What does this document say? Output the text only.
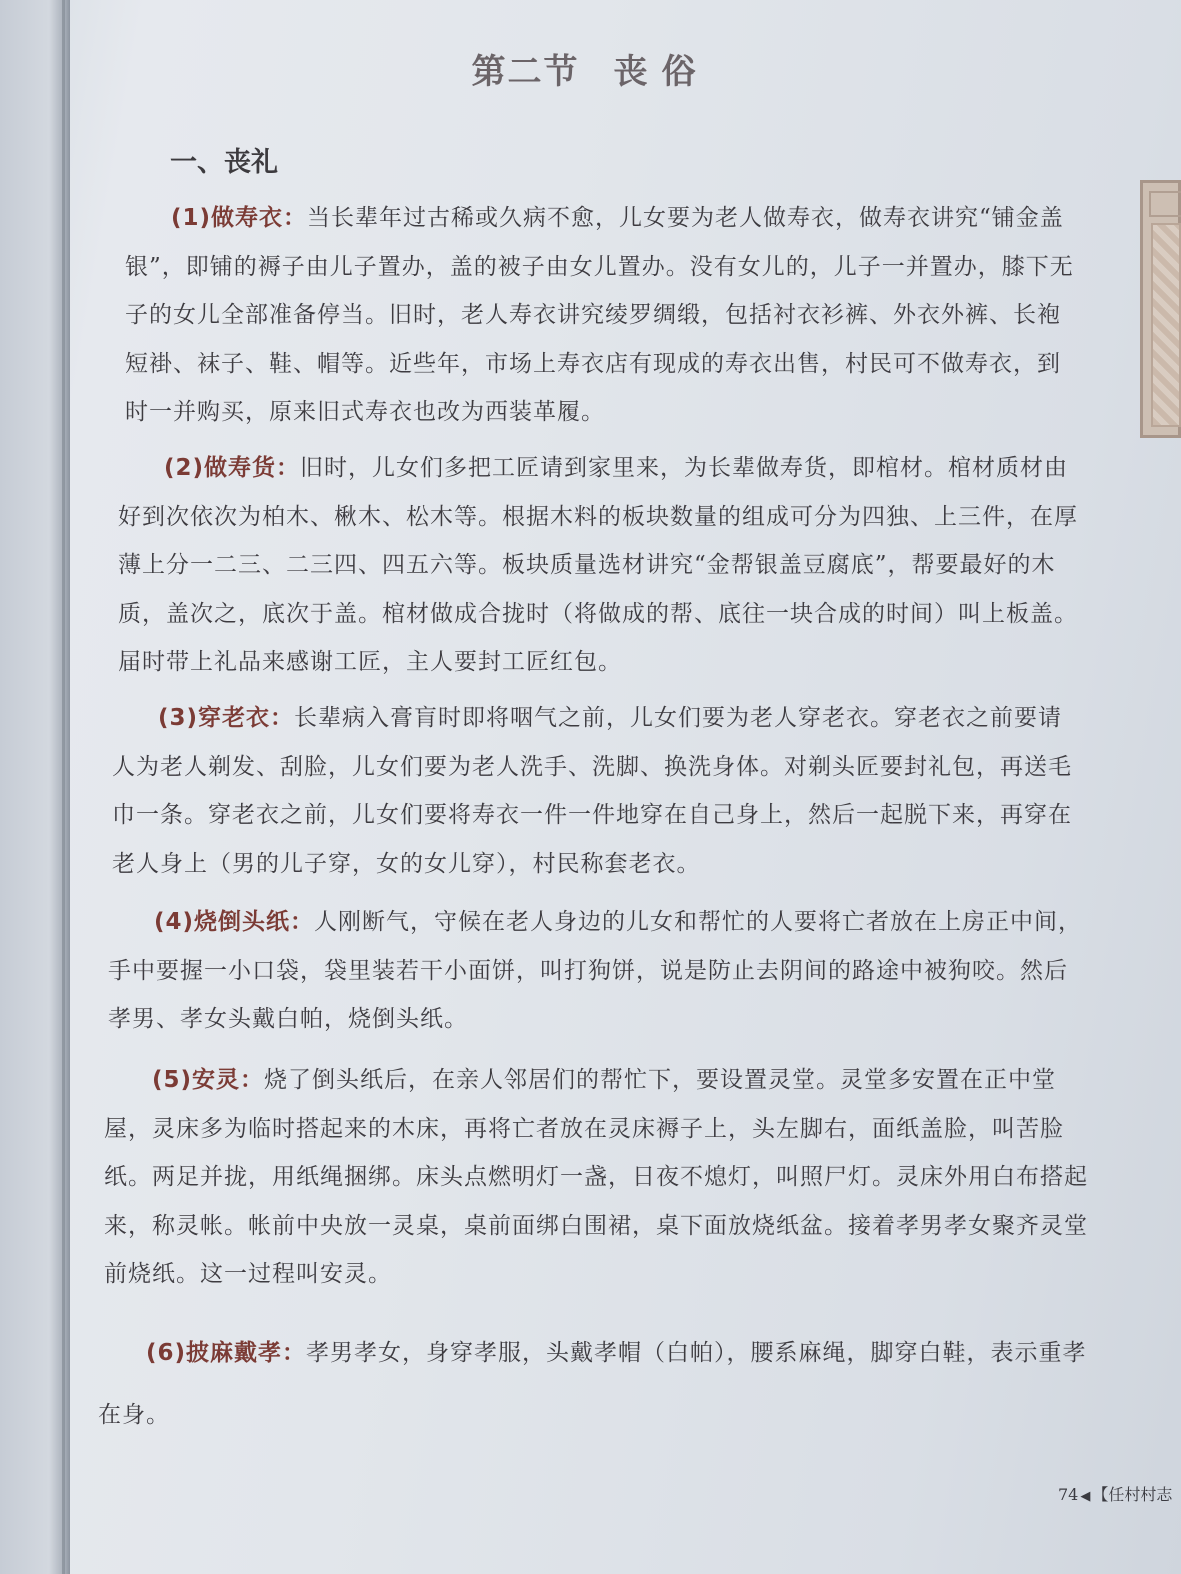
第二节 丧俗
一、丧礼
(1)做寿衣：当长辈年过古稀或久病不愈，儿女要为老人做寿衣，做寿衣讲究“铺金盖银”，即铺的褥子由儿子置办，盖的被子由女儿置办。没有女儿的，儿子一并置办，膝下无子的女儿全部准备停当。旧时，老人寿衣讲究绫罗绸缎，包括衬衣衫裤、外衣外裤、长袍短褂、袜子、鞋、帽等。近些年，市场上寿衣店有现成的寿衣出售，村民可不做寿衣，到时一并购买，原来旧式寿衣也改为西装革履。
(2)做寿货：旧时，儿女们多把工匠请到家里来，为长辈做寿货，即棺材。棺材质材由好到次依次为柏木、楸木、松木等。根据木料的板块数量的组成可分为四独、上三件，在厚薄上分一二三、二三四、四五六等。板块质量选材讲究“金帮银盖豆腐底”，帮要最好的木质，盖次之，底次于盖。棺材做成合拢时（将做成的帮、底往一块合成的时间）叫上板盖。届时带上礼品来感谢工匠，主人要封工匠红包。
(3)穿老衣：长辈病入膏肓时即将咽气之前，儿女们要为老人穿老衣。穿老衣之前要请人为老人剃发、刮脸，儿女们要为老人洗手、洗脚、换洗身体。对剃头匠要封礼包，再送毛巾一条。穿老衣之前，儿女们要将寿衣一件一件地穿在自己身上，然后一起脱下来，再穿在老人身上（男的儿子穿，女的女儿穿），村民称套老衣。
(4)烧倒头纸：人刚断气，守候在老人身边的儿女和帮忙的人要将亡者放在上房正中间，手中要握一小口袋，袋里装若干小面饼，叫打狗饼，说是防止去阴间的路途中被狗咬。然后孝男、孝女头戴白帕，烧倒头纸。
(5)安灵：烧了倒头纸后，在亲人邻居们的帮忙下，要设置灵堂。灵堂多安置在正中堂屋，灵床多为临时搭起来的木床，再将亡者放在灵床褥子上，头左脚右，面纸盖脸，叫苦脸纸。两足并拢，用纸绳捆绑。床头点燃明灯一盏，日夜不熄灯，叫照尸灯。灵床外用白布搭起来，称灵帐。帐前中央放一灵桌，桌前面绑白围裙，桌下面放烧纸盆。接着孝男孝女聚齐灵堂前烧纸。这一过程叫安灵。
(6)披麻戴孝：孝男孝女，身穿孝服，头戴孝帽（白帕），腰系麻绳，脚穿白鞋，表示重孝在身。
74 ◀ 【任村村志
